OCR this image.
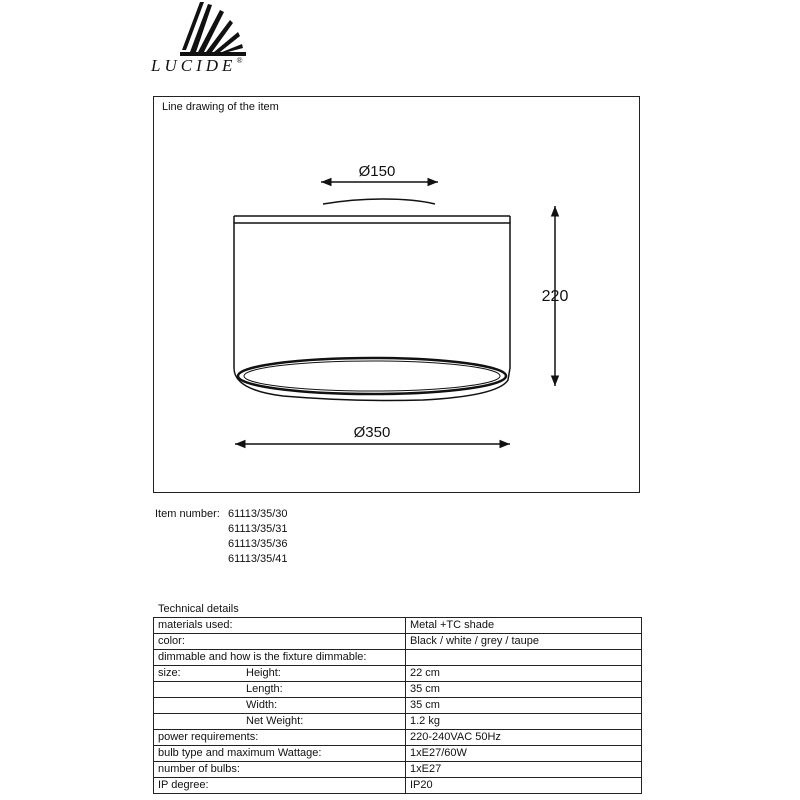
LUCIDE®
Line drawing of the item
Ø150
Ø350
220
Item number: 61113/35/30
61113/35/31
61113/35/36
61113/35/41
Technical details
materials used:	Metal +TC shade
color:	Black / white / grey / taupe
dimmable and how is the fixture dimmable:	
size: Height:	22 cm
Length:	35 cm
Width:	35 cm
Net Weight:	1.2 kg
power requirements:	220-240VAC 50Hz
bulb type and maximum Wattage:	1xE27/60W
number of bulbs:	1xE27
IP degree:	IP20
